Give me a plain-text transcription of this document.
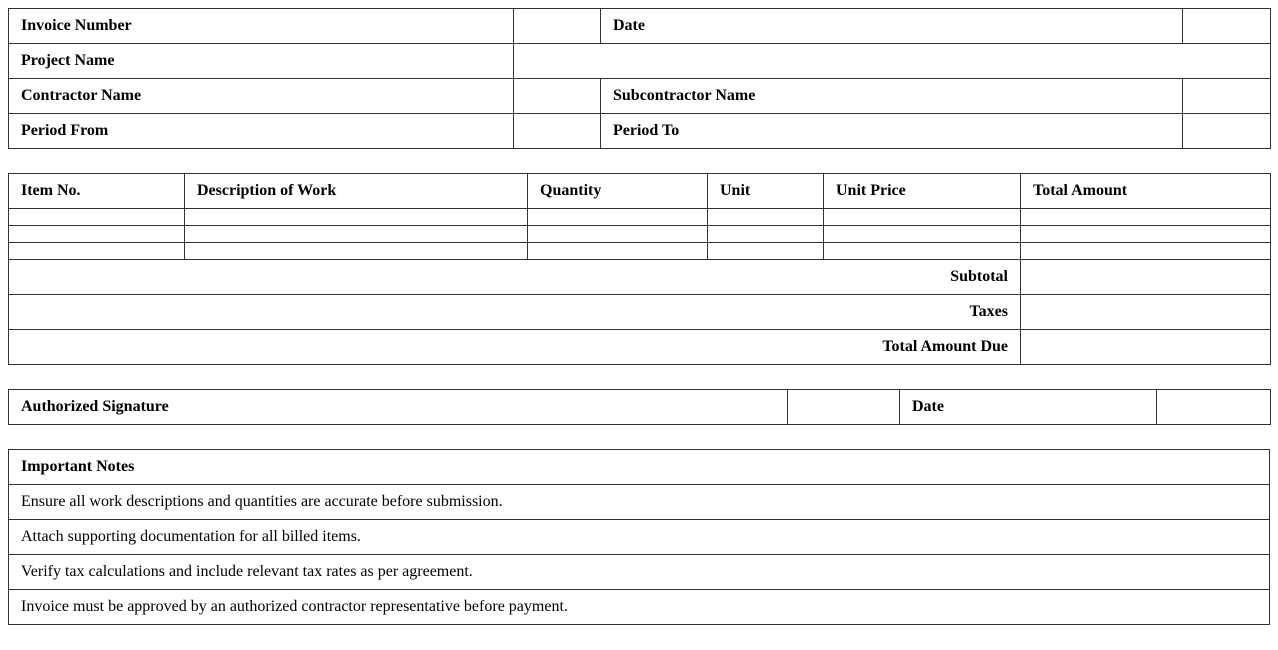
Invoice Number		Date	
Project Name			
Contractor Name		Subcontractor Name	
Period From		Period To	
Item No.	Description of Work	Quantity	Unit	Unit Price	Total Amount

Subtotal					
Taxes					
Total Amount Due					
Authorized Signature		Date	
Important Notes
Ensure all work descriptions and quantities are accurate before submission.
Attach supporting documentation for all billed items.
Verify tax calculations and include relevant tax rates as per agreement.
Invoice must be approved by an authorized contractor representative before payment.
